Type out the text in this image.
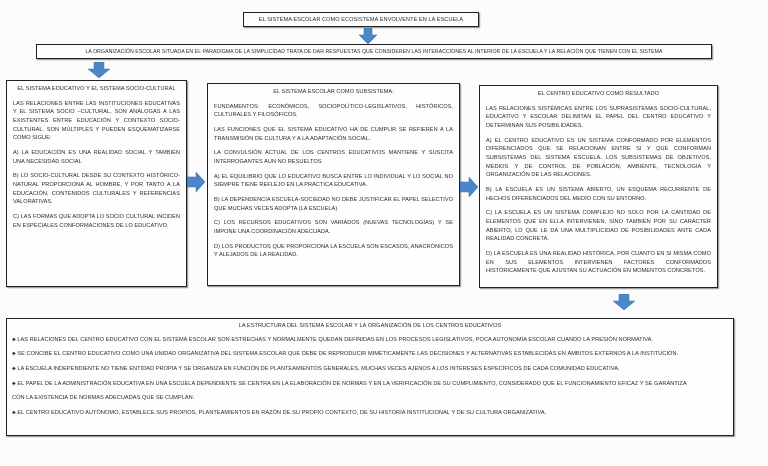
EL SISTEMA ESCOLAR COMO ECOSISTEMA ENVOLVENTE EN LA ESCUELA
LA ORGANIZACIÓN ESCOLAR SITUADA EN EL PARADIGMA DE LA SIMPLICIDAD TRATA DE DAR RESPUESTAS QUE CONSIDEREN LAS INTERACCIONES AL INTERIOR DE LA ESCUELA Y LA RELACIÓN QUE TIENEN CON EL SISTEMA
EL SISTEMA EDUCATIVO Y EL SISTEMA SOCIO-CULTURAL

LAS RELACIONES ENTRE LAS INSTITUCIONES EDUCATIVAS Y EL SISTEMA SOCIO –CULTURAL, SON ANÁLOGAS A LAS EXISTENTES ENTRE EDUCACIÓN Y CONTEXTO SOCIO-CULTURAL. SON MÚLTIPLES Y PUEDEN ESQUEMATIZARSE COMO SIGUE:

A) LA EDUCACIÓN ES UNA REALIDAD SOCIAL Y TAMBIÉN UNA NECESIDAD SOCIAL

B) LO SOCIO-CULTURAL DESDE SU CONTEXTO HISTÓRICO-NATURAL PROPORCIONA AL HOMBRE, Y POR TANTO A LA EDUCACIÓN, CONTENIDOS CULTURALES Y REFERENCIAS VALORATIVAS.

C) LAS FORMAS QUE ADOPTA LO SOCIO CULTURAL INCIDEN EN ESPECIALES CONFORMACIONES DE LO EDUCATIVO.

EL SISTEMA ESCOLAR COMO SUBSISTEMA:

FUNDAMENTOS: ECONÓMICOS, SOCIOPOLÍTICO-LEGISLATIVOS, HISTÓRICOS, CULTURALES Y FILOSÓFICOS.

LAS FUNCIONES QUE EL SISTEMA EDUCATIVO HA DE CUMPLIR SE REFIEREN A LA TRANSMISIÓN DE CULTURA Y A LA ADAPTACIÓN SOCIAL.

LA CONVULSIÓN ACTUAL DE LOS CENTROS EDUCATIVOS MANTIENE Y SUSCITA INTERROGANTES AUN NO RESUELTOS

A) EL EQUILIBRIO QUE LO EDUCATIVO BUSCA ENTRE LO INDIVIDUAL Y LO SOCIAL NO SIEMPRE TIENE REFLEJO EN LA PRÁCTICA EDUCATIVA.

B) LA DEPENDENCIA ESCUELA-SOCIEDAD NO DEBE JUSTIFICAR EL PAPEL SELECTIVO QUE MUCHAS VECES ADOPTA (LA ESCUELA)

C) LOS RECURSOS EDUCATIVOS SON VARIADOS (NUEVAS TECNOLOGÍAS) Y SE IMPONE UNA COORDINACIÓN ADECUADA.

D) LOS PRODUCTOS QUE PROPORCIONA LA ESCUELA SON ESCASOS, ANACRÓNICOS Y ALEJADOS DE LA REALIDAD.

EL CENTRO EDUCATIVO COMO RESULTADO

LAS RELACIONES SISTÉMICAS ENTRE LOS SUPRASISTEMAS SOCIO-CULTURAL, EDUCATIVO Y ESCOLAR DELIMITAN EL PAPEL DEL CENTRO EDUCATIVO Y DETERMINAN SUS POSIBILIDADES.

A) EL CENTRO EDUCATIVO ES UN SISTEMA CONFORMADO POR ELEMENTOS DIFERENCIADOS QUE SE RELACIONAN ENTRE SI Y QUE CONFORMAN SUBSISTEMAS DEL SISTEMA ESCUELA. LOS SUBSISTEMAS DE OBJETIVOS, MEDIOS Y DE CONTROL DE POBLACIÓN, AMBIENTE, TECNOLOGÍA Y ORGANIZACIÓN DE LAS RELACIONES.

B) LA ESCUELA ES UN SISTEMA ABIERTO, UN ESQUEMA RECURRENTE DE HECHOS DIFERENCIADOS DEL MEDIO CON SU ENTORNO.

C) LA ESCUELA ES UN SISTEMA COMPLEJO NO SOLO POR LA CANTIDAD DE ELEMENTOS QUE EN ELLA INTERVIENEN, SINO TAMBIÉN POR SU CARÁCTER ABIERTO, LO QUE LE DA UNA MULTIPLICIDAD DE POSIBILIDADES ANTE CADA REALIDAD CONCRETA.

D) LA ESCUELA ES UNA REALIDAD HISTÓRICA, POR CUANTO EN SI MISMA COMO EN SUS ELEMENTOS INTERVIENEN FACTORES CONFORMADOS HISTÓRICAMENTE QUE AJUSTAN SU ACTUACIÓN EN MOMENTOS CONCRETOS.

LA ESTRUCTURA DEL SISTEMA ESCOLAR Y LA ORGANIZACIÓN DE LOS CENTROS EDUCATIVOS

♣ LAS RELACIONES DEL CENTRO EDUCATIVO CON EL SISTEMA ESCOLAR SON ESTRECHAS Y NORMALMENTE QUEDAN DEFINIDAS EN LOS PROCESOS LEGISLATIVOS, POCA AUTONOMÍA ESCOLAR CUANDO LA PRESIÓN NORMATIVA.

♣ SE CONCIBE EL CENTRO EDUCATIVO COMO UNA UNIDAD ORGANIZATIVA DEL SISTEMA ESCOLAR QUE DEBE DE REPRODUCIR MIMÉTICAMENTE LAS DECISIONES Y ALTERNATIVAS ESTABLECIDAS EN ÁMBITOS EXTERNOS A LA INSTITUCIÓN.

♣ LA ESCUELA INDEPENDIENTE NO TIENE ENTIDAD PROPIA Y SE ORGANIZA EN FUNCIÓN DE PLANTEAMIENTOS GENERALES, MUCHAS VECES AJENOS A LOS INTERESES ESPECÍFICOS DE CADA COMUNIDAD EDUCATIVA.

♣ EL PAPEL DE LA ADMINISTRACIÓN EDUCATIVA EN UNA ESCUELA DEPENDIENTE SE CENTRA EN LA ELABORACIÓN DE NORMAS Y EN LA VERIFICACIÓN DE SU CUMPLIMIENTO, CONSIDERADO QUE EL FUNCIONAMIENTO EFICAZ Y SE GARANTIZA

CON LA EXISTENCIA DE NORMAS ADECUADAS QUE SE CUMPLAN.

♣ EL CENTRO EDUCATIVO AUTÓNOMO, ESTABLECE SUS PROPIOS, PLANTEAMIENTOS EN RAZÓN DE SU PROPIO CONTEXTO, DE SU HISTORIA INSTITUCIONAL Y DE SU CULTURA ORGANIZATIVA.
